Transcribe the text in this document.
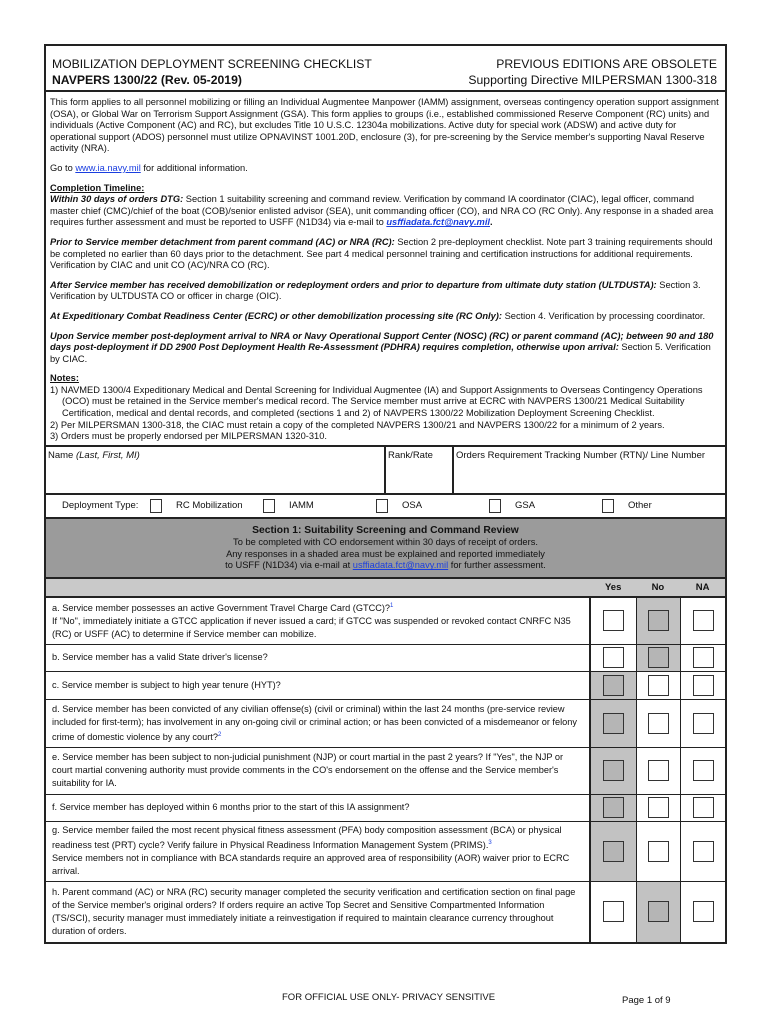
MOBILIZATION DEPLOYMENT SCREENING CHECKLIST
NAVPERS 1300/22 (Rev. 05-2019)
PREVIOUS EDITIONS ARE OBSOLETE
Supporting Directive MILPERSMAN 1300-318

This form applies to all personnel mobilizing or filling an Individual Augmentee Manpower (IAMM) assignment, overseas contingency operation support assignment (OSA), or Global War on Terrorism Support Assignment (GSA). This form applies to groups (i.e., established commissioned Reserve Component (RC) units) and individuals (Active Component (AC) and RC), but excludes Title 10 U.S.C. 12304a mobilizations. Active duty for special work (ADSW) and active duty for operational support (ADOS) personnel must utilize OPNAVINST 1001.20D, enclosure (3), for pre-screening by the Service member's supporting Naval Reserve activity (NRA).

Go to www.ia.navy.mil for additional information.

Completion Timeline:

Within 30 days of orders DTG: Section 1 suitability screening and command review. Verification by command IA coordinator (CIAC), legal officer, command master chief (CMC)/chief of the boat (COB)/senior enlisted advisor (SEA), unit commanding officer (CO), and NRA CO (RC Only). Any response in a shaded area requires further assessment and must be reported to USFF (N1D34) via e-mail to usffiadata.fct@navy.mil.

Prior to Service member detachment from parent command (AC) or NRA (RC): Section 2 pre-deployment checklist. Note part 3 training requirements should be completed no earlier than 60 days prior to the detachment. See part 4 medical personnel training and certification instructions for additional requirements. Verification by CIAC and unit CO (AC)/NRA CO (RC).

After Service member has received demobilization or redeployment orders and prior to departure from ultimate duty station (ULTDUSTA): Section 3. Verification by ULTDUSTA CO or officer in charge (OIC).

At Expeditionary Combat Readiness Center (ECRC) or other demobilization processing site (RC Only): Section 4. Verification by processing coordinator.

Upon Service member post-deployment arrival to NRA or Navy Operational Support Center (NOSC) (RC) or parent command (AC); between 90 and 180 days post-deployment if DD 2900 Post Deployment Health Re-Assessment (PDHRA) requires completion, otherwise upon arrival: Section 5. Verification by CIAC.

Notes:
1) NAVMED 1300/4 Expeditionary Medical and Dental Screening for Individual Augmentee (IA) and Support Assignments to Overseas Contingency Operations (OCO) must be retained in the Service member's medical record. The Service member must arrive at ECRC with NAVPERS 1300/21 Medical Suitability Certification, medical and dental records, and completed (sections 1 and 2) of NAVPERS 1300/22 Mobilization Deployment Screening Checklist.
2) Per MILPERSMAN 1300-318, the CIAC must retain a copy of the completed NAVPERS 1300/21 and NAVPERS 1300/22 for a minimum of 2 years.
3) Orders must be properly endorsed per MILPERSMAN 1320-310.
Name (Last, First, MI)	Rank/Rate	Orders Requirement Tracking Number (RTN)/ Line Number
Deployment Type:	RC Mobilization	IAMM	OSA	GSA	Other
Section 1: Suitability Screening and Command Review
To be completed with CO endorsement within 30 days of receipt of orders.
Any responses in a shaded area must be explained and reported immediately
to USFF (N1D34) via e-mail at usffiadata.fct@navy.mil for further assessment.
Yes	No	NA
a. Service member possesses an active Government Travel Charge Card (GTCC)?$^1$
If "No", immediately initiate a GTCC application if never issued a card; if GTCC was suspended or revoked contact CNRFC N35 (RC) or USFF (AC) to determine if Service member can mobilize.
b. Service member has a valid State driver's license?
c. Service member is subject to high year tenure (HYT)?
d. Service member has been convicted of any civilian offense(s) (civil or criminal) within the last 24 months (pre-service review included for first-term); has involvement in any on-going civil or criminal action; or has been convicted of a misdemeanor or felony crime of domestic violence by any court?$^2$
e. Service member has been subject to non-judicial punishment (NJP) or court martial in the past 2 years? If "Yes", the NJP or court martial convening authority must provide comments in the CO's endorsement on the offense and the Service member's suitability for IA.
f. Service member has deployed within 6 months prior to the start of this IA assignment?
g. Service member failed the most recent physical fitness assessment (PFA) body composition assessment (BCA) or physical readiness test (PRT) cycle? Verify failure in Physical Readiness Information Management System (PRIMS).$^3$
Service members not in compliance with BCA standards require an approved area of responsibility (AOR) waiver prior to ECRC arrival.
h. Parent command (AC) or NRA (RC) security manager completed the security verification and certification section on final page of the Service member's original orders? If orders require an active Top Secret and Sensitive Compartmented Information (TS/SCI), security manager must immediately initiate a reinvestigation if required to maintain clearance currency throughout duration of orders.
FOR OFFICIAL USE ONLY- PRIVACY SENSITIVE	Page 1 of 9
